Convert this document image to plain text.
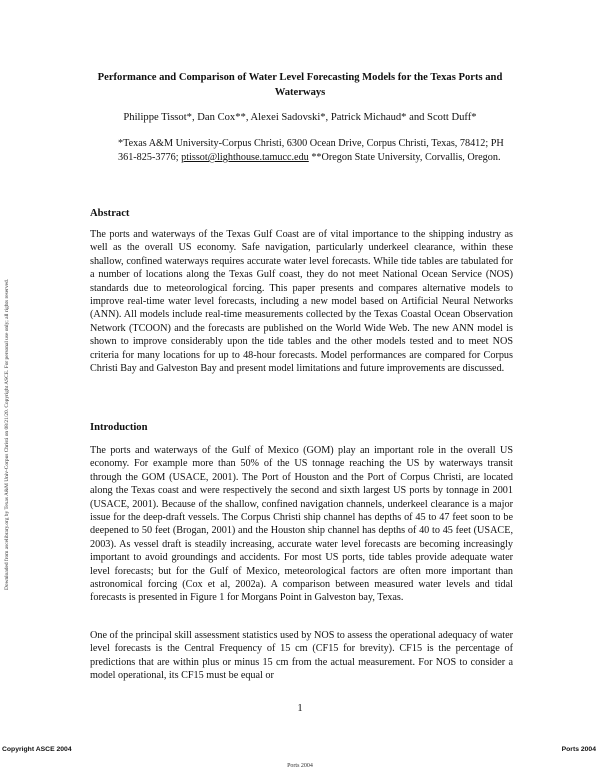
Downloaded from ascelibrary.org by Texas A&M Univ-Corpus Christi on 08/21/20. Copyright ASCE. For personal use only; all rights reserved.
Performance and Comparison of Water Level Forecasting Models for the Texas Ports and Waterways
Philippe Tissot*, Dan Cox**, Alexei Sadovski*, Patrick Michaud* and Scott Duff*
*Texas A&M University-Corpus Christi, 6300 Ocean Drive, Corpus Christi, Texas, 78412; PH 361-825-3776; ptissot@lighthouse.tamucc.edu **Oregon State University, Corvallis, Oregon.
Abstract

The ports and waterways of the Texas Gulf Coast are of vital importance to the shipping industry as well as the overall US economy. Safe navigation, particularly underkeel clearance, within these shallow, confined waterways requires accurate water level forecasts. While tide tables are tabulated for a number of locations along the Texas Gulf coast, they do not meet National Ocean Service (NOS) standards due to meteorological forcing. This paper presents and compares alternative models to improve real-time water level forecasts, including a new model based on Artificial Neural Networks (ANN). All models include real-time measurements collected by the Texas Coastal Ocean Observation Network (TCOON) and the forecasts are published on the World Wide Web. The new ANN model is shown to improve considerably upon the tide tables and the other models tested and to meet NOS criteria for many locations for up to 48-hour forecasts. Model performances are compared for Corpus Christi Bay and Galveston Bay and present model limitations and future improvements are discussed.

Introduction

The ports and waterways of the Gulf of Mexico (GOM) play an important role in the overall US economy. For example more than 50% of the US tonnage reaching the US by waterways transit through the GOM (USACE, 2001). The Port of Houston and the Port of Corpus Christi, are located along the Texas coast and were respectively the second and sixth largest US ports by tonnage in 2001 (USACE, 2001). Because of the shallow, confined navigation channels, underkeel clearance is a major issue for the deep-draft vessels. The Corpus Christi ship channel has depths of 45 to 47 feet soon to be deepened to 50 feet (Brogan, 2001) and the Houston ship channel has depths of 40 to 45 feet (USACE, 2003). As vessel draft is steadily increasing, accurate water level forecasts are becoming increasingly important to avoid groundings and accidents. For most US ports, tide tables provide adequate water level forecasts; but for the Gulf of Mexico, meteorological factors are often more important than astronomical forcing (Cox et al, 2002a). A comparison between measured water levels and tidal forecasts is presented in Figure 1 for Morgans Point in Galveston bay, Texas.

One of the principal skill assessment statistics used by NOS to assess the operational adequacy of water level forecasts is the Central Frequency of 15 cm (CF15 for brevity). CF15 is the percentage of predictions that are within plus or minus 15 cm from the actual measurement. For NOS to consider a model operational, its CF15 must be equal or

1
Copyright ASCE 2004	Ports 2004
Ports 2004
